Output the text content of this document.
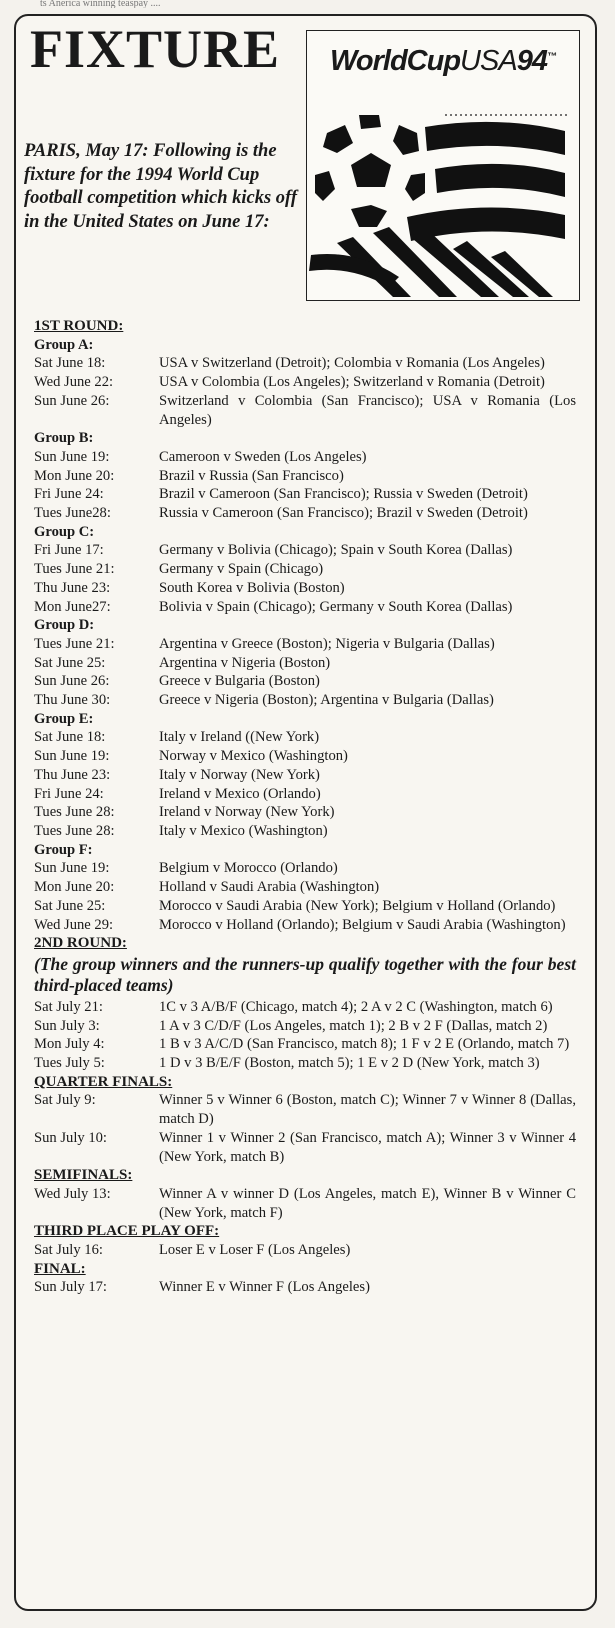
ts Anerica winning teaspay ....
FIXTURE

PARIS, May 17: Following is the fixture for the 1994 World Cup football competition which kicks off in the United States on June 17:

WorldCupUSA94™
1ST ROUND:
Group A:
Sat June 18:	USA v Switzerland (Detroit); Colombia v Romania (Los Angeles)
Wed June 22:	USA v Colombia (Los Angeles); Switzerland v Romania (Detroit)
Sun June 26:	Switzerland v Colombia (San Francisco); USA v Romania (Los Angeles)
Group B:
Sun June 19:	Cameroon v Sweden (Los Angeles)
Mon June 20:	Brazil v Russia (San Francisco)
Fri June 24:	Brazil v Cameroon (San Francisco); Russia v Sweden (Detroit)
Tues June28:	Russia v Cameroon (San Francisco); Brazil v Sweden (Detroit)
Group C:
Fri June 17:	Germany v Bolivia (Chicago); Spain v South Korea (Dallas)
Tues June 21:	Germany v Spain (Chicago)
Thu June 23:	South Korea v Bolivia (Boston)
Mon June27:	Bolivia v Spain (Chicago); Germany v South Korea (Dallas)
Group D:
Tues June 21:	Argentina v Greece (Boston); Nigeria v Bulgaria (Dallas)
Sat June 25:	Argentina v Nigeria (Boston)
Sun June 26:	Greece v Bulgaria (Boston)
Thu June 30:	Greece v Nigeria (Boston); Argentina v Bulgaria (Dallas)
Group E:
Sat June 18:	Italy v Ireland ((New York)
Sun June 19:	Norway v Mexico (Washington)
Thu June 23:	Italy v Norway (New York)
Fri June 24:	Ireland v Mexico (Orlando)
Tues June 28:	Ireland v Norway (New York)
Tues June 28:	Italy v Mexico (Washington)
Group F:
Sun June 19:	Belgium v Morocco (Orlando)
Mon June 20:	Holland v Saudi Arabia (Washington)
Sat June 25:	Morocco v Saudi Arabia (New York); Belgium v Holland (Orlando)
Wed June 29:	Morocco v Holland (Orlando); Belgium v Saudi Arabia (Washington)
2ND ROUND:
(The group winners and the runners-up qualify together with the four best third-placed teams)
Sat July 21:	1C v 3 A/B/F (Chicago, match 4); 2 A v 2 C (Washington, match 6)
Sun July 3:	1 A v 3 C/D/F (Los Angeles, match 1); 2 B v 2 F (Dallas, match 2)
Mon July 4:	1 B v 3 A/C/D (San Francisco, match 8); 1 F v 2 E (Orlando, match 7)
Tues July 5:	1 D v 3 B/E/F (Boston, match 5); 1 E v 2 D (New York, match 3)
QUARTER FINALS:
Sat July 9:	Winner 5 v Winner 6 (Boston, match C); Winner 7 v Winner 8 (Dallas, match D)
Sun July 10:	Winner 1 v Winner 2 (San Francisco, match A); Winner 3 v Winner 4 (New York, match B)
SEMIFINALS:
Wed July 13:	Winner A v winner D (Los Angeles, match E), Winner B v Winner C (New York, match F)
THIRD PLACE PLAY OFF:
Sat July 16:	Loser E v Loser F (Los Angeles)
FINAL:
Sun July 17:	Winner E v Winner F (Los Angeles)
